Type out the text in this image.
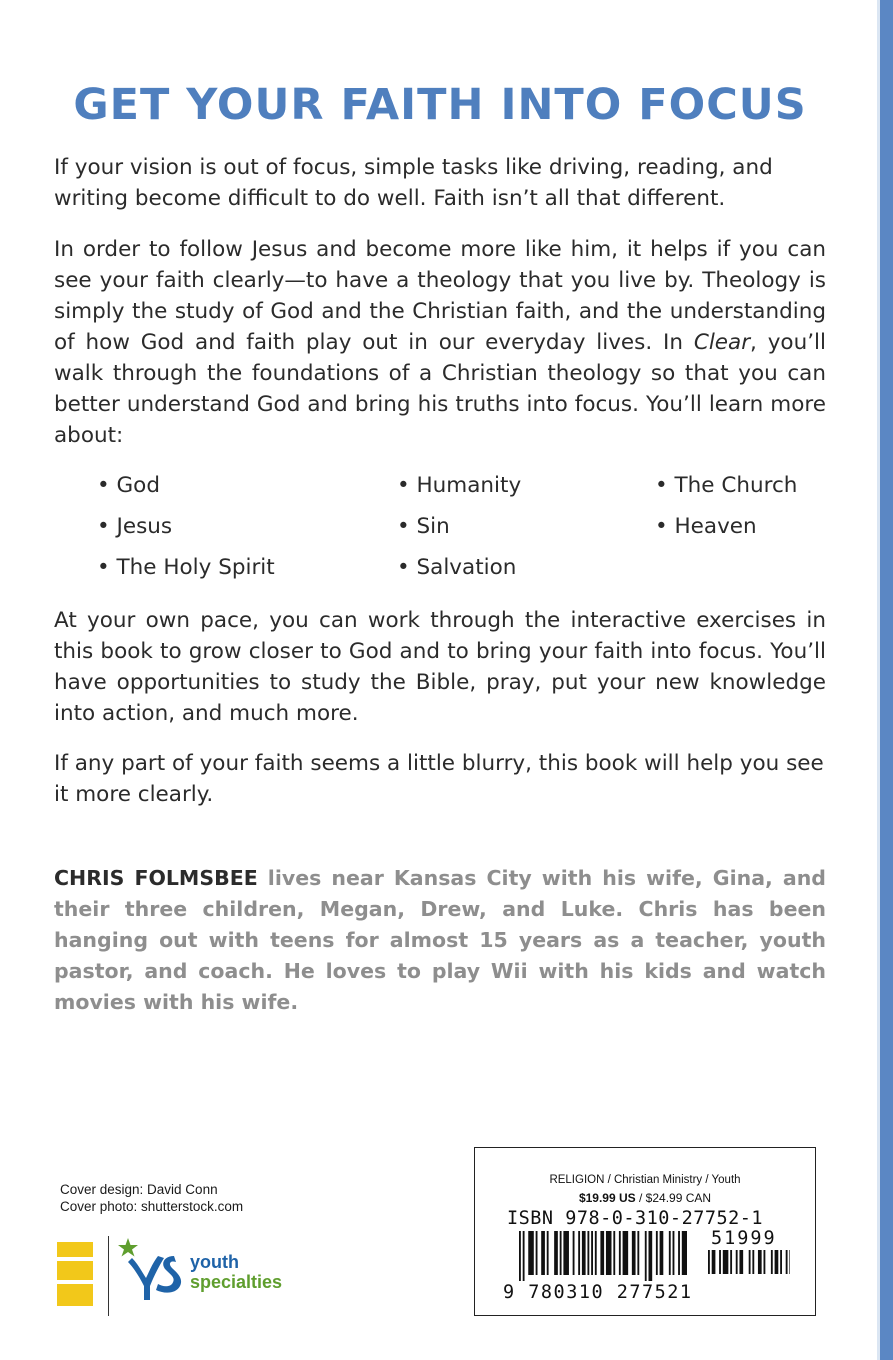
GET YOUR FAITH INTO FOCUS

If your vision is out of focus, simple tasks like driving, reading, and writing become difficult to do well. Faith isn’t all that different.

In order to follow Jesus and become more like him, it helps if you can see your faith clearly—to have a theology that you live by. Theology is simply the study of God and the Christian faith, and the understanding of how God and faith play out in our everyday lives. In Clear, you’ll walk through the foundations of a Christian theology so that you can better understand God and bring his truths into focus. You’ll learn more about:

• God
• Jesus
• The Holy Spirit
• Humanity
• Sin
• Salvation
• The Church
• Heaven

At your own pace, you can work through the interactive exercises in this book to grow closer to God and to bring your faith into focus. You’ll have opportunities to study the Bible, pray, put your new knowledge into action, and much more.

If any part of your faith seems a little blurry, this book will help you see it more clearly.

CHRIS FOLMSBEE lives near Kansas City with his wife, Gina, and their three children, Megan, Drew, and Luke. Chris has been hanging out with teens for almost 15 years as a teacher, youth pastor, and coach. He loves to play Wii with his kids and watch movies with his wife.

Cover design: David Conn
Cover photo: shutterstock.com
youth
specialties
RELIGION / Christian Ministry / Youth
$19.99 US / $24.99 CAN
ISBN 978-0-310-27752-1
51999
9 780310 277521
